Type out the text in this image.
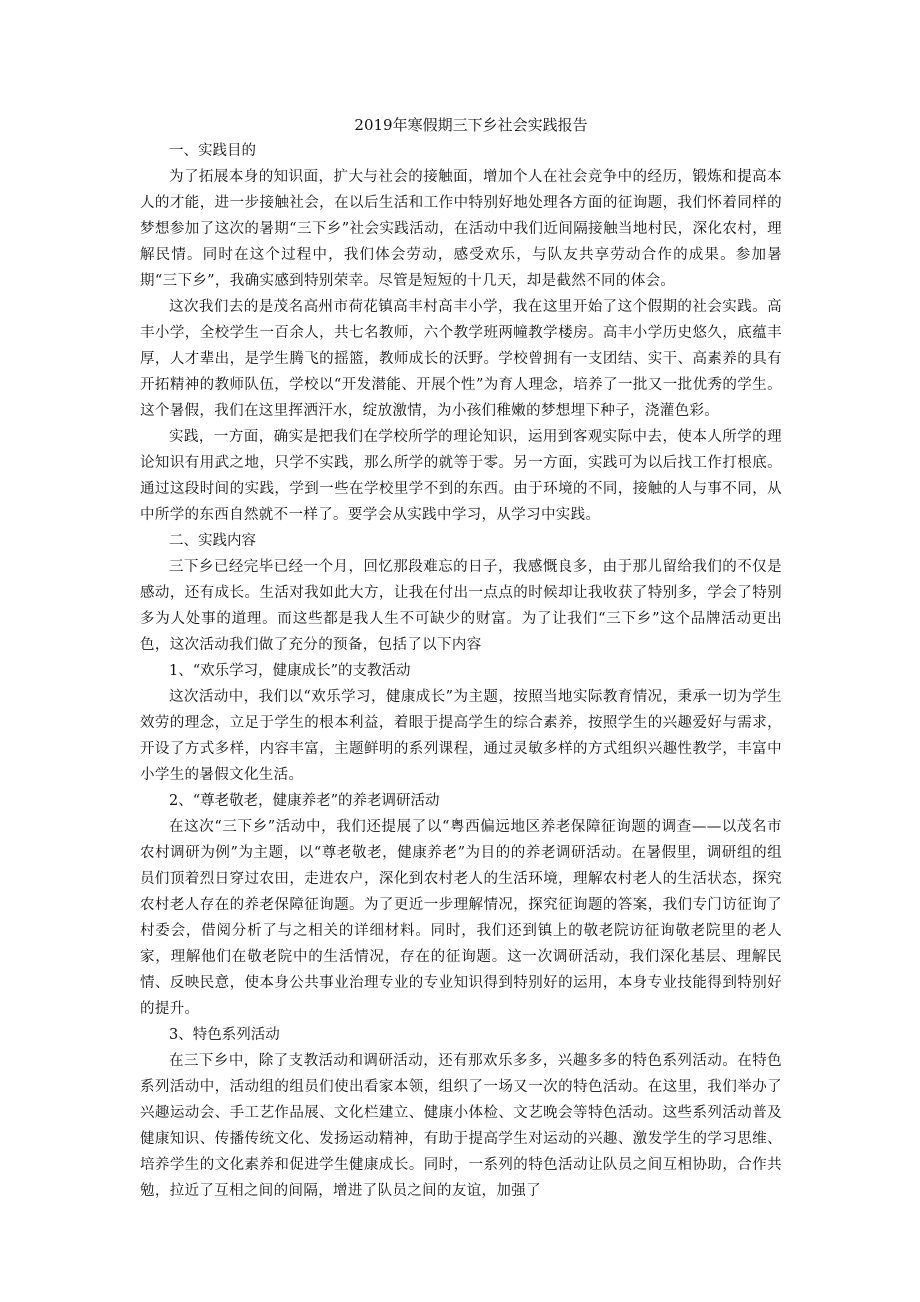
2019年寒假期三下乡社会实践报告

一、实践目的

为了拓展本身的知识面，扩大与社会的接触面，增加个人在社会竞争中的经历，锻炼和提高本人的才能，进一步接触社会，在以后生活和工作中特别好地处理各方面的征询题，我们怀着同样的梦想参加了这次的暑期“三下乡”社会实践活动，在活动中我们近间隔接触当地村民，深化农村，理解民情。同时在这个过程中，我们体会劳动，感受欢乐，与队友共享劳动合作的成果。参加暑期“三下乡”，我确实感到特别荣幸。尽管是短短的十几天，却是截然不同的体会。

这次我们去的是茂名高州市荷花镇高丰村高丰小学，我在这里开始了这个假期的社会实践。高丰小学，全校学生一百余人，共七名教师，六个教学班两幢教学楼房。高丰小学历史悠久，底蕴丰厚，人才辈出，是学生腾飞的摇篮，教师成长的沃野。学校曾拥有一支团结、实干、高素养的具有开拓精神的教师队伍，学校以“开发潜能、开展个性”为育人理念，培养了一批又一批优秀的学生。这个暑假，我们在这里挥洒汗水，绽放激情，为小孩们稚嫩的梦想埋下种子，浇灌色彩。

实践，一方面，确实是把我们在学校所学的理论知识，运用到客观实际中去，使本人所学的理论知识有用武之地，只学不实践，那么所学的就等于零。另一方面，实践可为以后找工作打根底。通过这段时间的实践，学到一些在学校里学不到的东西。由于环境的不同，接触的人与事不同，从中所学的东西自然就不一样了。要学会从实践中学习，从学习中实践。

二、实践内容

三下乡已经完毕已经一个月，回忆那段难忘的日子，我感慨良多，由于那儿留给我们的不仅是感动，还有成长。生活对我如此大方，让我在付出一点点的时候却让我收获了特别多，学会了特别多为人处事的道理。而这些都是我人生不可缺少的财富。为了让我们“三下乡”这个品牌活动更出色，这次活动我们做了充分的预备，包括了以下内容

1、“欢乐学习，健康成长”的支教活动

这次活动中，我们以“欢乐学习，健康成长”为主题，按照当地实际教育情况，秉承一切为学生效劳的理念，立足于学生的根本利益，着眼于提高学生的综合素养，按照学生的兴趣爱好与需求，开设了方式多样，内容丰富，主题鲜明的系列课程，通过灵敏多样的方式组织兴趣性教学，丰富中小学生的暑假文化生活。

2、“尊老敬老，健康养老”的养老调研活动

在这次“三下乡”活动中，我们还提展了以“粤西偏远地区养老保障征询题的调查——以茂名市农村调研为例”为主题，以“尊老敬老，健康养老”为目的的养老调研活动。在暑假里，调研组的组员们顶着烈日穿过农田，走进农户，深化到农村老人的生活环境，理解农村老人的生活状态，探究农村老人存在的养老保障征询题。为了更近一步理解情况，探究征询题的答案，我们专门访征询了村委会，借阅分析了与之相关的详细材料。同时，我们还到镇上的敬老院访征询敬老院里的老人家，理解他们在敬老院中的生活情况，存在的征询题。这一次调研活动，我们深化基层、理解民情、反映民意，使本身公共事业治理专业的专业知识得到特别好的运用，本身专业技能得到特别好的提升。

3、特色系列活动

在三下乡中，除了支教活动和调研活动，还有那欢乐多多，兴趣多多的特色系列活动。在特色系列活动中，活动组的组员们使出看家本领，组织了一场又一次的特色活动。在这里，我们举办了兴趣运动会、手工艺作品展、文化栏建立、健康小体检、文艺晚会等特色活动。这些系列活动普及健康知识、传播传统文化、发扬运动精神，有助于提高学生对运动的兴趣、激发学生的学习思维、培养学生的文化素养和促进学生健康成长。同时，一系列的特色活动让队员之间互相协助，合作共勉，拉近了互相之间的间隔，增进了队员之间的友谊，加强了
